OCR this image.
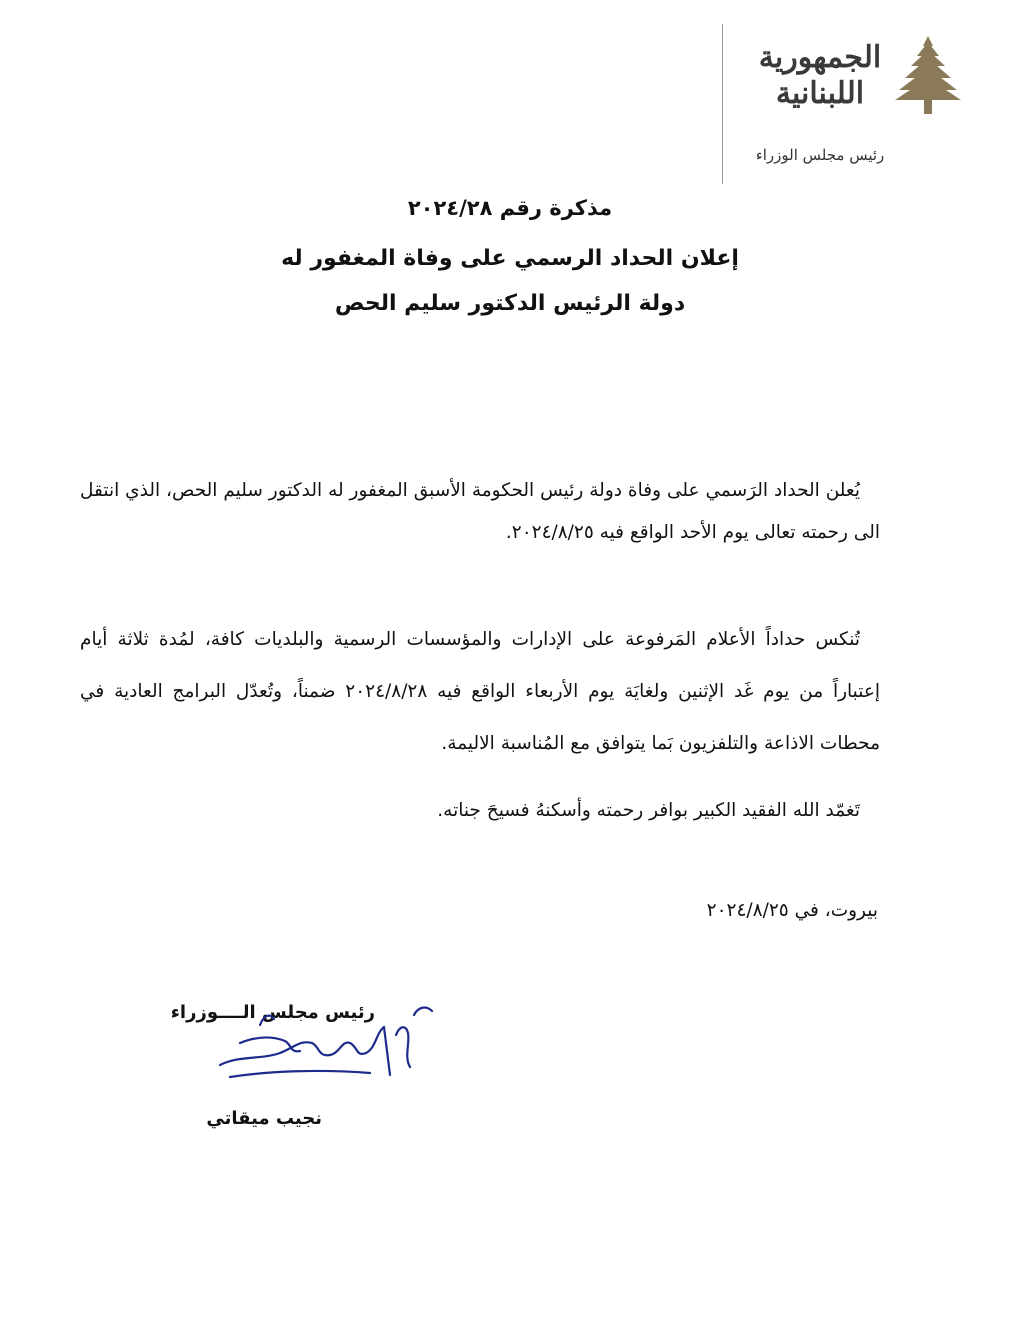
الجمهورية
اللبنانية
رئيس مجلس الوزراء
مذكرة رقم ٢٠٢٤/٢٨
إعلان الحداد الرسمي على وفاة المغفور له
دولة الرئيس الدكتور سليم الحص

يُعلن الحداد الرَسمي على وفاة دولة رئيس الحكومة الأسبق المغفور له الدكتور سليم الحص، الذي انتقل الى رحمته تعالى يوم الأحد الواقع فيه ٢٠٢٤/٨/٢٥.

تُنكس حداداً الأعلام المَرفوعة على الإدارات والمؤسسات الرسمية والبلديات كافة، لمُدة ثلاثة أيام إعتباراً من يوم غَد الإثنين ولغايَة يوم الأربعاء الواقع فيه ٢٠٢٤/٨/٢٨ ضمناً، وتُعدّل البرامج العادية في محطات الاذاعة والتلفزيون بَما يتوافق مع المُناسبة الاليمة.

تَغمّد الله الفقيد الكبير بوافر رحمته وأسكنهُ فسيحَ جناته.

بيروت، في ٢٠٢٤/٨/٢٥
رئيس مجلس الــــوزراء
نجيب ميقاتي
